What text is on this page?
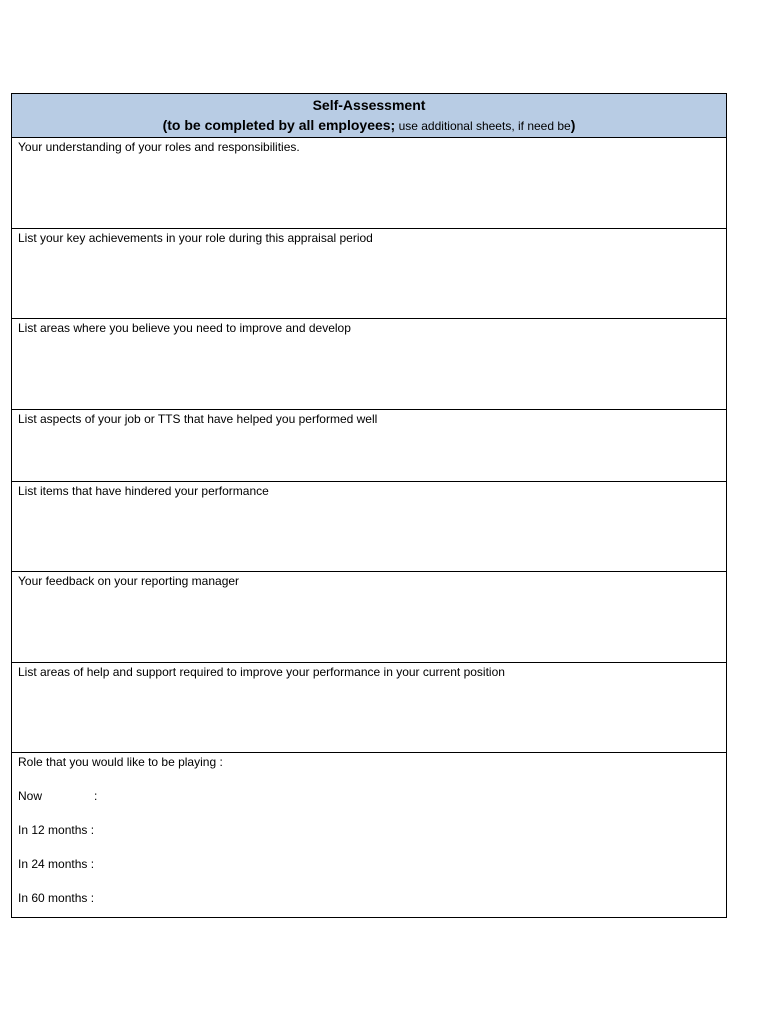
Self-Assessment
(to be completed by all employees; use additional sheets, if need be)
Your understanding of your roles and responsibilities.
List your key achievements in your role during this appraisal period
List areas where you believe you need to improve and develop
List aspects of your job or TTS that have helped you performed well
List items that have hindered your performance
Your feedback on your reporting manager
List areas of help and support required to improve your performance in your current position
Role that you would like to be playing :
Now	:
In 12 months :
In 24 months :
In 60 months :
